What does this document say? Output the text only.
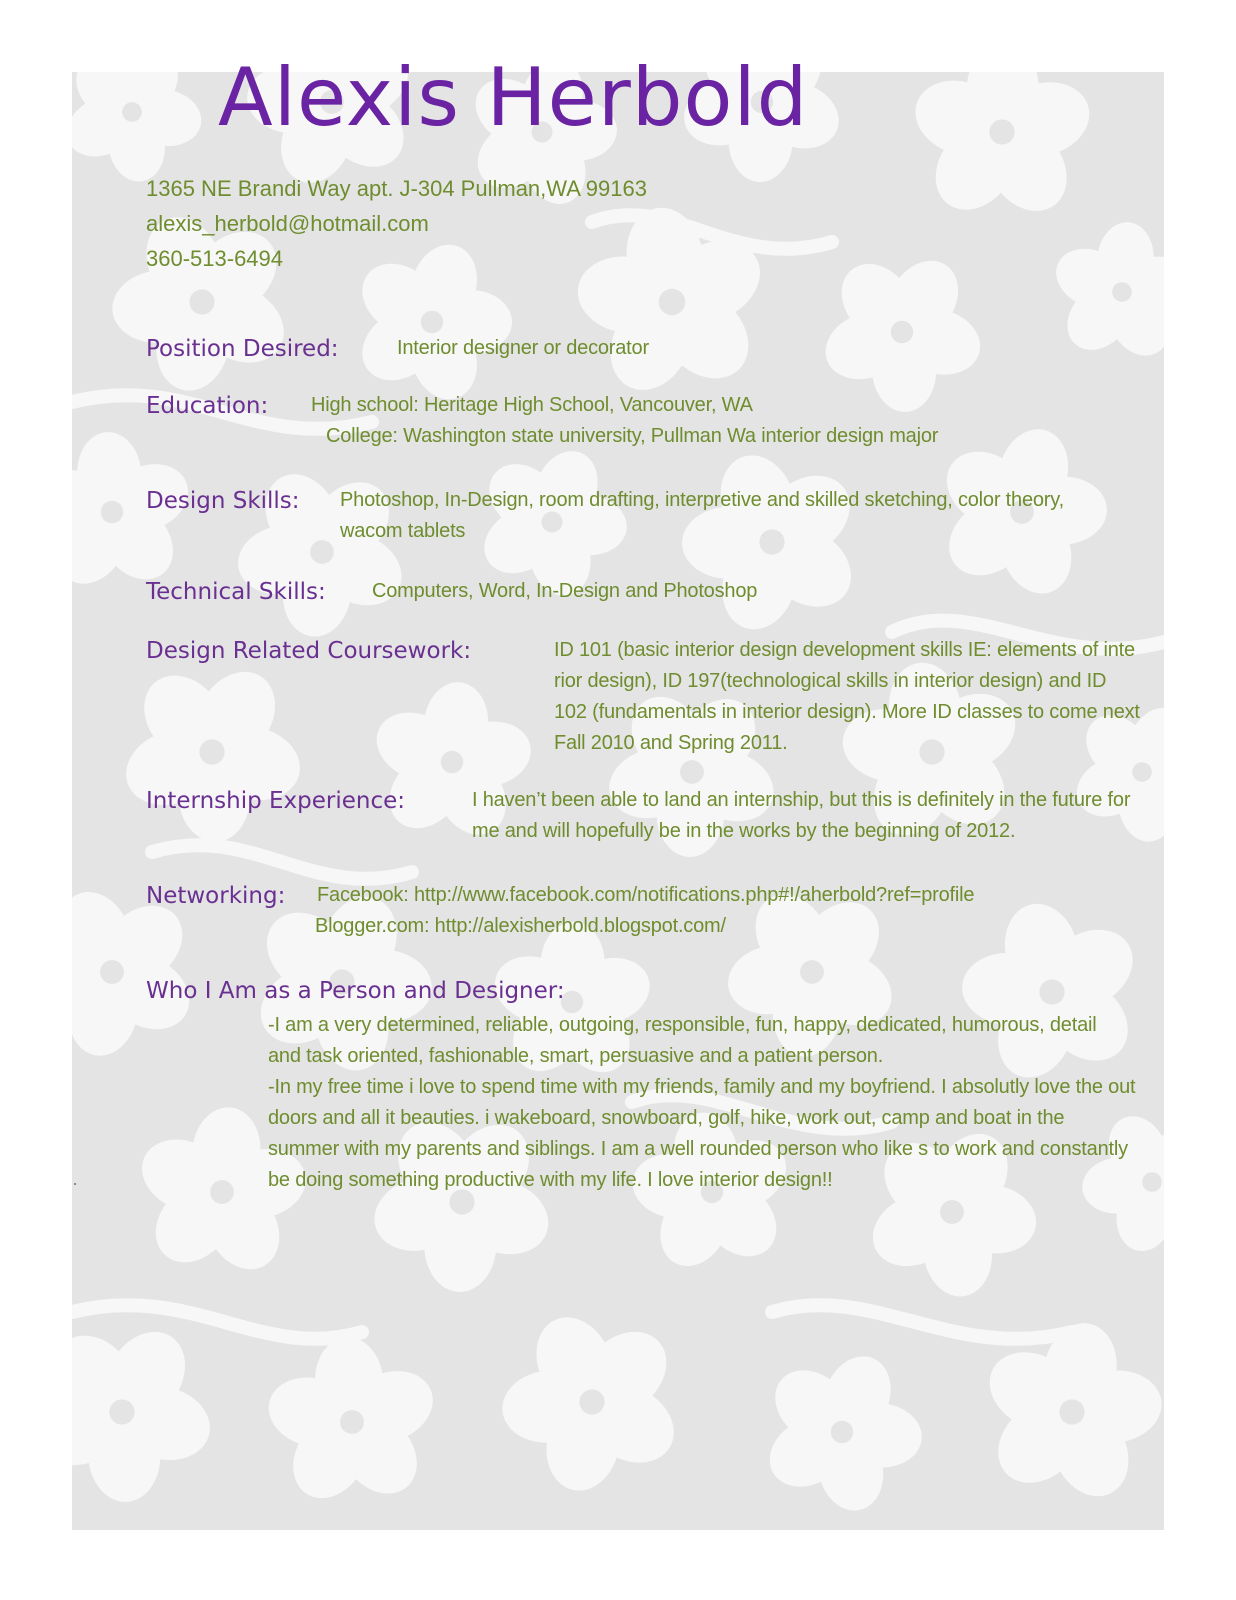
Alexis Herbold

1365 NE Brandi Way apt. J-304 Pullman,WA 99163

alexis_herbold@hotmail.com

360-513-6494

Position Desired:	Interior designer or decorator

Education: High school: Heritage High School, Vancouver, WA

College: Washington state university, Pullman Wa interior design major

Design Skills: Photoshop, In-Design, room drafting, interpretive and skilled sketching, color theory, wacom tablets

Technical Skills: Computers, Word, In-Design and Photoshop

Design Related Coursework:	ID 101 (basic interior design development skills IE: elements of inte rior design), ID 197(technological skills in interior design) and ID 102 (fundamentals in interior design). More ID classes to come next Fall 2010 and Spring 2011.

Internship Experience:	I haven’t been able to land an internship, but this is definitely in the future for me and will hopefully be in the works by the beginning of 2012.

Networking: Facebook: http://www.facebook.com/notifications.php#!/aherbold?ref=profile

Blogger.com: http://alexisherbold.blogspot.com/

Who I Am as a Person and Designer:

-I am a very determined, reliable, outgoing, responsible, fun, happy, dedicated, humorous, detail and task oriented, fashionable, smart, persuasive and a patient person.

-In my free time i love to spend time with my friends, family and my boyfriend. I absolutly love the out doors and all it beauties. i wakeboard, snowboard, golf, hike, work out, camp and boat in the summer with my parents and siblings. I am a well rounded person who like s to work and constantly be doing something productive with my life. I love interior design!!
